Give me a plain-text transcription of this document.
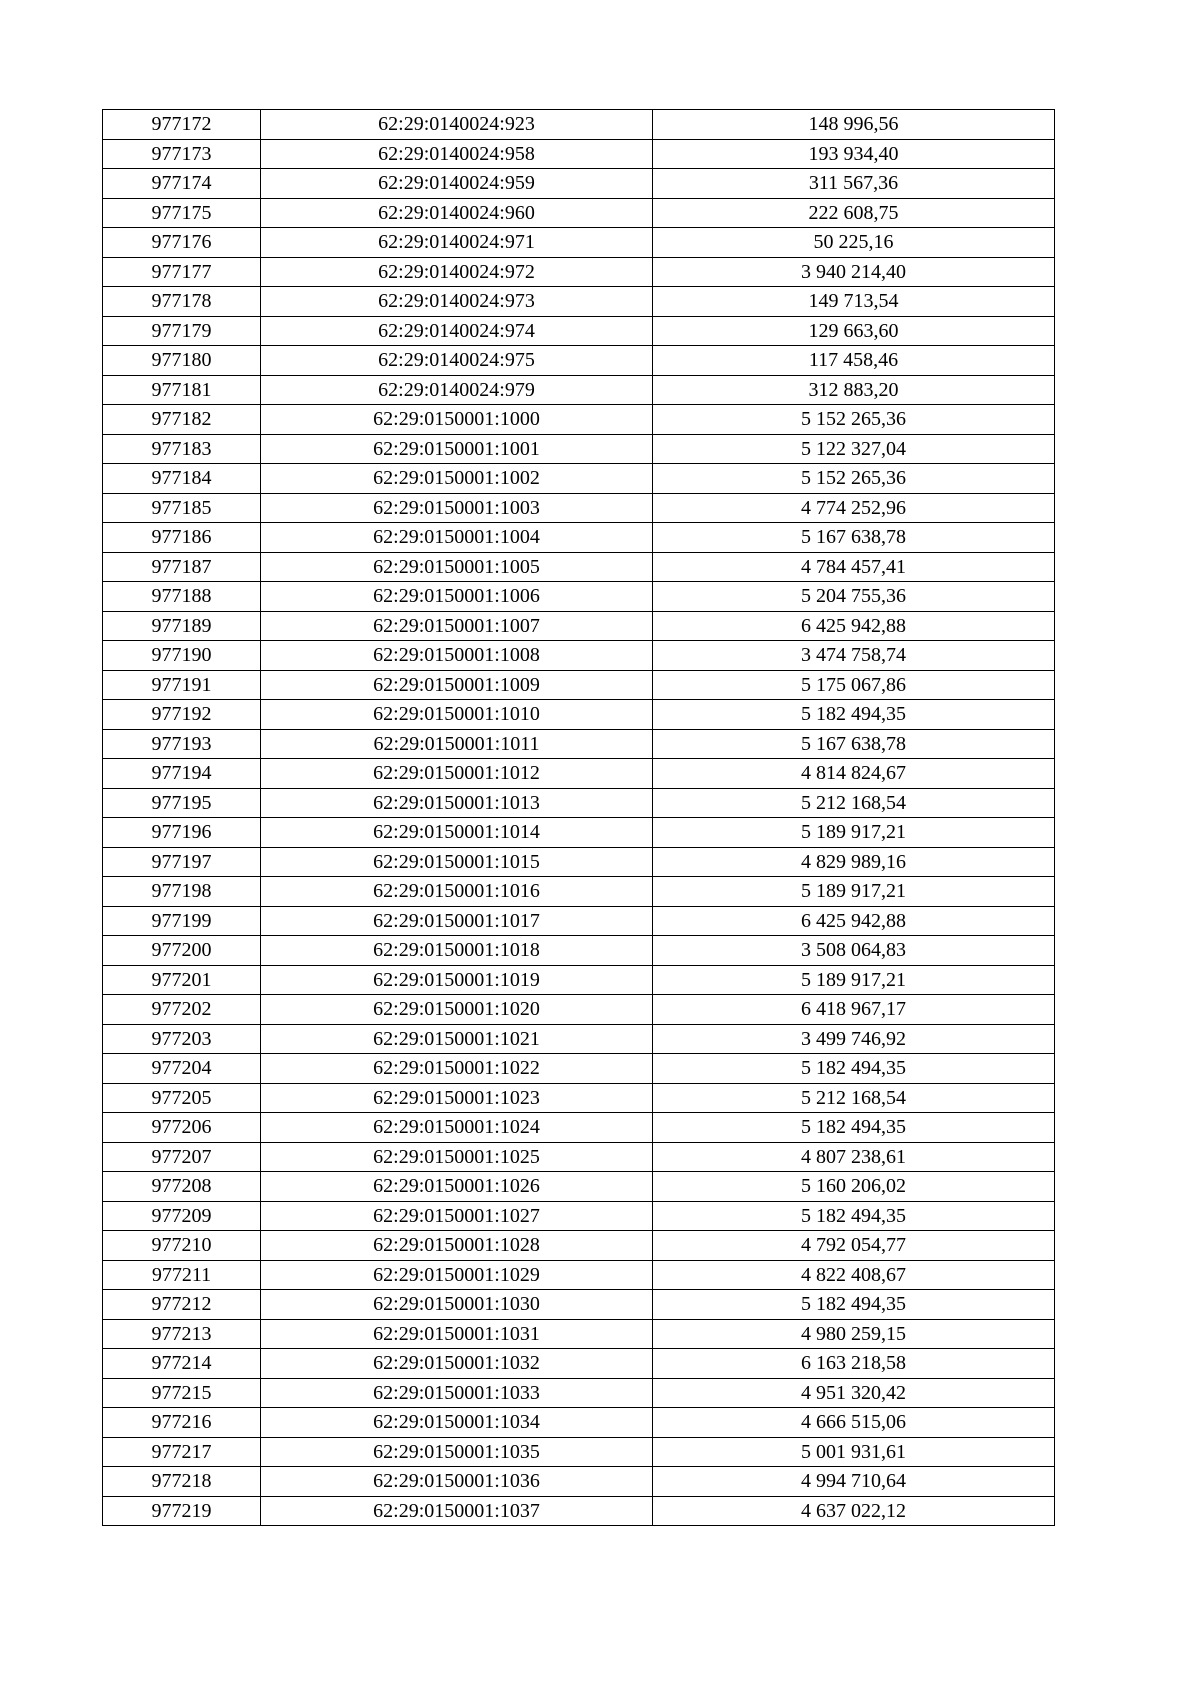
977172	62:29:0140024:923	148 996,56
977173	62:29:0140024:958	193 934,40
977174	62:29:0140024:959	311 567,36
977175	62:29:0140024:960	222 608,75
977176	62:29:0140024:971	50 225,16
977177	62:29:0140024:972	3 940 214,40
977178	62:29:0140024:973	149 713,54
977179	62:29:0140024:974	129 663,60
977180	62:29:0140024:975	117 458,46
977181	62:29:0140024:979	312 883,20
977182	62:29:0150001:1000	5 152 265,36
977183	62:29:0150001:1001	5 122 327,04
977184	62:29:0150001:1002	5 152 265,36
977185	62:29:0150001:1003	4 774 252,96
977186	62:29:0150001:1004	5 167 638,78
977187	62:29:0150001:1005	4 784 457,41
977188	62:29:0150001:1006	5 204 755,36
977189	62:29:0150001:1007	6 425 942,88
977190	62:29:0150001:1008	3 474 758,74
977191	62:29:0150001:1009	5 175 067,86
977192	62:29:0150001:1010	5 182 494,35
977193	62:29:0150001:1011	5 167 638,78
977194	62:29:0150001:1012	4 814 824,67
977195	62:29:0150001:1013	5 212 168,54
977196	62:29:0150001:1014	5 189 917,21
977197	62:29:0150001:1015	4 829 989,16
977198	62:29:0150001:1016	5 189 917,21
977199	62:29:0150001:1017	6 425 942,88
977200	62:29:0150001:1018	3 508 064,83
977201	62:29:0150001:1019	5 189 917,21
977202	62:29:0150001:1020	6 418 967,17
977203	62:29:0150001:1021	3 499 746,92
977204	62:29:0150001:1022	5 182 494,35
977205	62:29:0150001:1023	5 212 168,54
977206	62:29:0150001:1024	5 182 494,35
977207	62:29:0150001:1025	4 807 238,61
977208	62:29:0150001:1026	5 160 206,02
977209	62:29:0150001:1027	5 182 494,35
977210	62:29:0150001:1028	4 792 054,77
977211	62:29:0150001:1029	4 822 408,67
977212	62:29:0150001:1030	5 182 494,35
977213	62:29:0150001:1031	4 980 259,15
977214	62:29:0150001:1032	6 163 218,58
977215	62:29:0150001:1033	4 951 320,42
977216	62:29:0150001:1034	4 666 515,06
977217	62:29:0150001:1035	5 001 931,61
977218	62:29:0150001:1036	4 994 710,64
977219	62:29:0150001:1037	4 637 022,12
